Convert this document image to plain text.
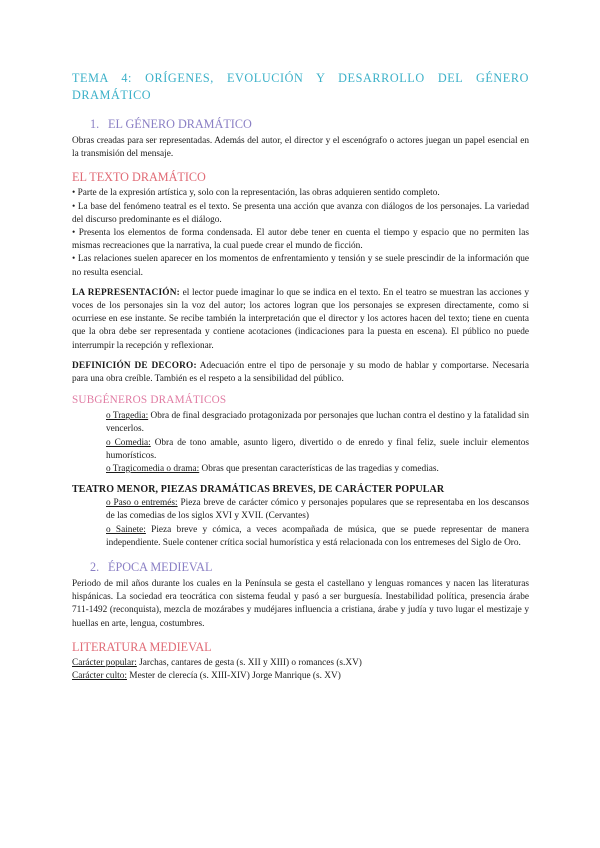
TEMA 4: ORÍGENES, EVOLUCIÓN Y DESARROLLO DEL GÉNERO DRAMÁTICO
1. EL GÉNERO DRAMÁTICO

Obras creadas para ser representadas. Además del autor, el director y el escenógrafo o actores juegan un papel esencial en la transmisión del mensaje.

EL TEXTO DRAMÁTICO

• Parte de la expresión artística y, solo con la representación, las obras adquieren sentido completo.

• La base del fenómeno teatral es el texto. Se presenta una acción que avanza con diálogos de los personajes. La variedad del discurso predominante es el diálogo.

• Presenta los elementos de forma condensada. El autor debe tener en cuenta el tiempo y espacio que no permiten las mismas recreaciones que la narrativa, la cual puede crear el mundo de ficción.

• Las relaciones suelen aparecer en los momentos de enfrentamiento y tensión y se suele prescindir de la información que no resulta esencial.

LA REPRESENTACIÓN: el lector puede imaginar lo que se indica en el texto. En el teatro se muestran las acciones y voces de los personajes sin la voz del autor; los actores logran que los personajes se expresen directamente, como si ocurriese en ese instante. Se recibe también la interpretación que el director y los actores hacen del texto; tiene en cuenta que la obra debe ser representada y contiene acotaciones (indicaciones para la puesta en escena). El público no puede interrumpir la recepción y reflexionar.

DEFINICIÓN DE DECORO: Adecuación entre el tipo de personaje y su modo de hablar y comportarse. Necesaria para una obra creíble. También es el respeto a la sensibilidad del público.

SUBGÉNEROS DRAMÁTICOS

o Tragedia: Obra de final desgraciado protagonizada por personajes que luchan contra el destino y la fatalidad sin vencerlos.

o Comedia: Obra de tono amable, asunto ligero, divertido o de enredo y final feliz, suele incluir elementos humorísticos.

o Tragicomedia o drama: Obras que presentan características de las tragedias y comedias.

TEATRO MENOR, PIEZAS DRAMÁTICAS BREVES, DE CARÁCTER POPULAR

o Paso o entremés: Pieza breve de carácter cómico y personajes populares que se representaba en los descansos de las comedias de los siglos XVI y XVII. (Cervantes)

o Sainete: Pieza breve y cómica, a veces acompañada de música, que se puede representar de manera independiente. Suele contener crítica social humorística y está relacionada con los entremeses del Siglo de Oro.

2. ÉPOCA MEDIEVAL

Periodo de mil años durante los cuales en la Península se gesta el castellano y lenguas romances y nacen las literaturas hispánicas. La sociedad era teocrática con sistema feudal y pasó a ser burguesía. Inestabilidad política, presencia árabe 711-1492 (reconquista), mezcla de mozárabes y mudéjares influencia a cristiana, árabe y judía y tuvo lugar el mestizaje y huellas en arte, lengua, costumbres.

LITERATURA MEDIEVAL

Carácter popular: Jarchas, cantares de gesta (s. XII y XIII) o romances (s.XV)

Carácter culto: Mester de clerecía (s. XIII-XIV) Jorge Manrique (s. XV)
